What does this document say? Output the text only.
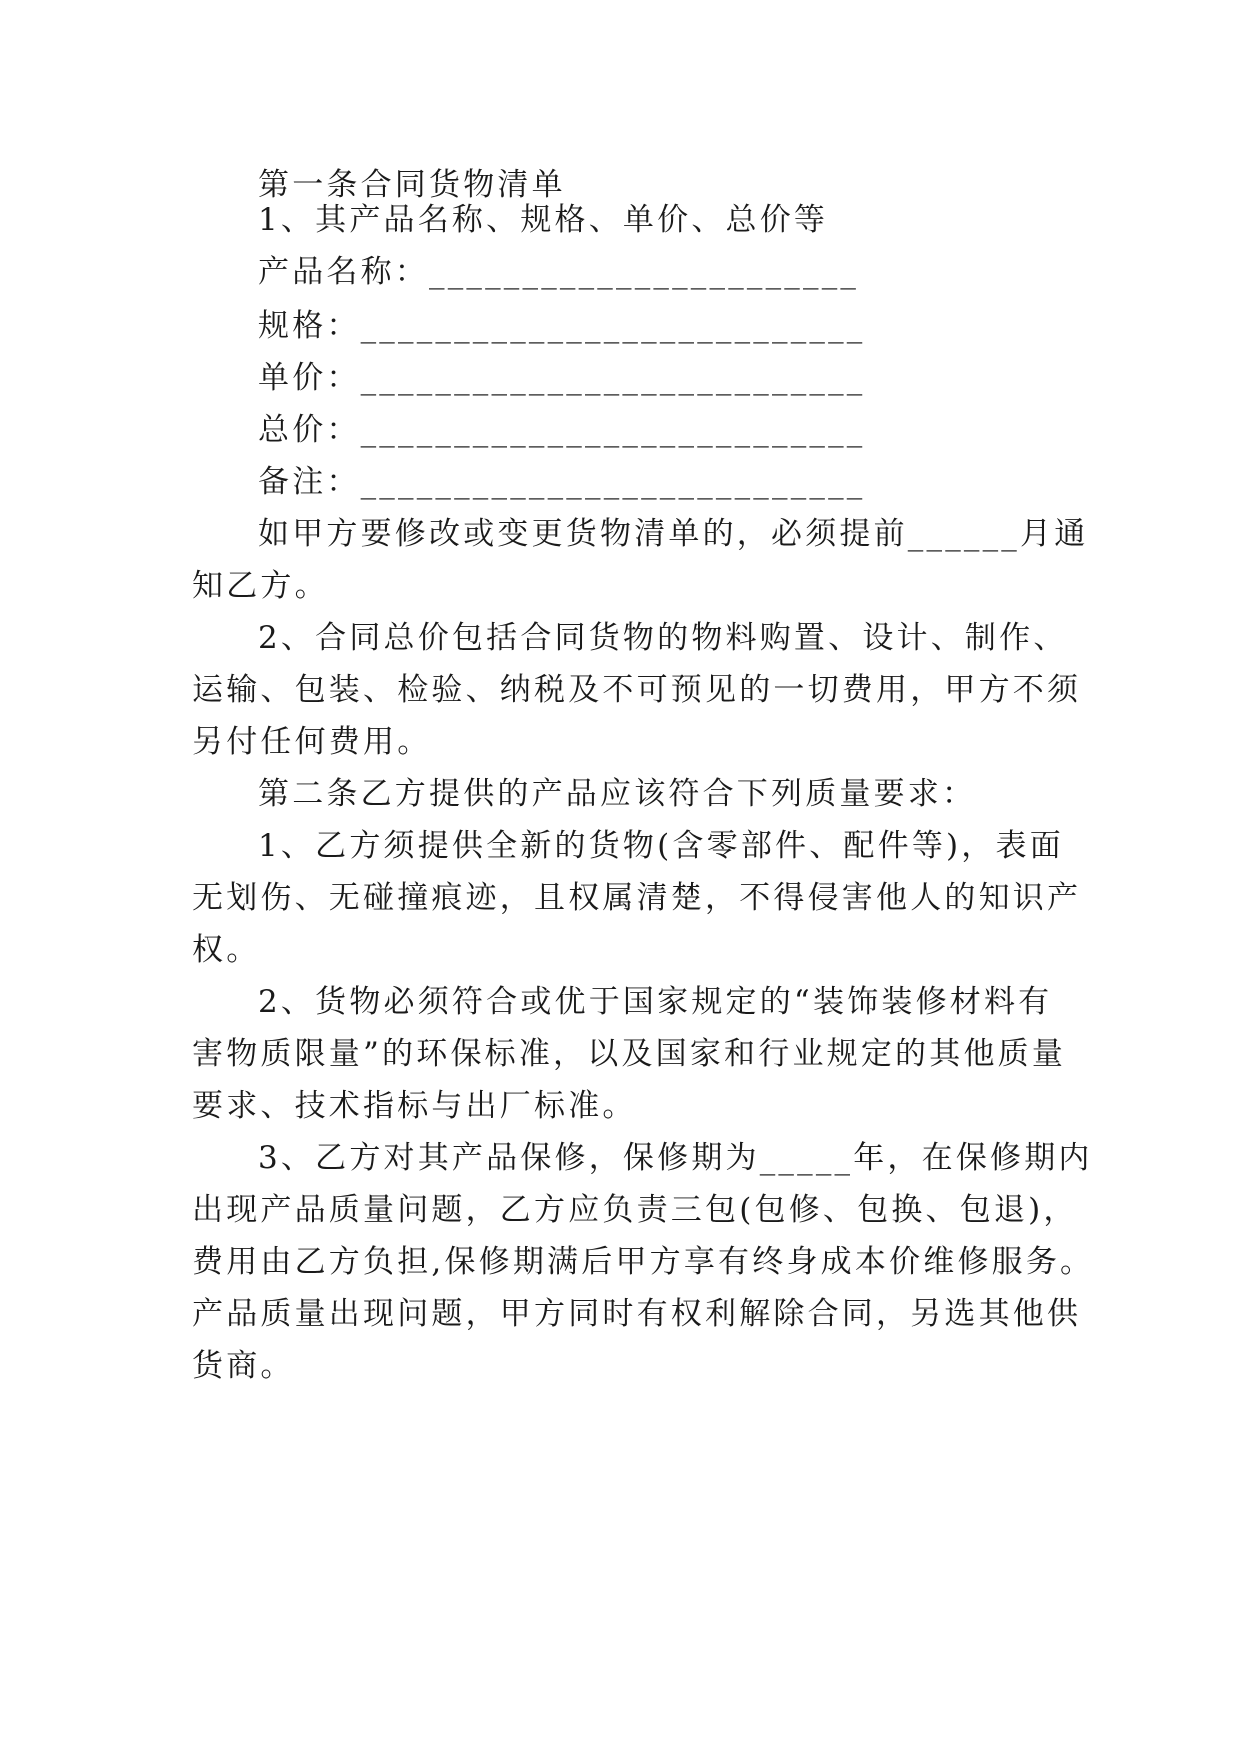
第一条合同货物清单
1、其产品名称、规格、单价、总价等
产品名称：_______________________
规格：___________________________
单价：___________________________
总价：___________________________
备注：___________________________
如甲方要修改或变更货物清单的，必须提前______月通
知乙方。
2、合同总价包括合同货物的物料购置、设计、制作、
运输、包装、检验、纳税及不可预见的一切费用，甲方不须
另付任何费用。
第二条乙方提供的产品应该符合下列质量要求：
1、乙方须提供全新的货物(含零部件、配件等)，表面
无划伤、无碰撞痕迹，且权属清楚，不得侵害他人的知识产
权。
2、货物必须符合或优于国家规定的“装饰装修材料有
害物质限量”的环保标准，以及国家和行业规定的其他质量
要求、技术指标与出厂标准。
3、乙方对其产品保修，保修期为_____年，在保修期内
出现产品质量问题，乙方应负责三包(包修、包换、包退)，
费用由乙方负担,保修期满后甲方享有终身成本价维修服务。
产品质量出现问题，甲方同时有权利解除合同，另选其他供
货商。
